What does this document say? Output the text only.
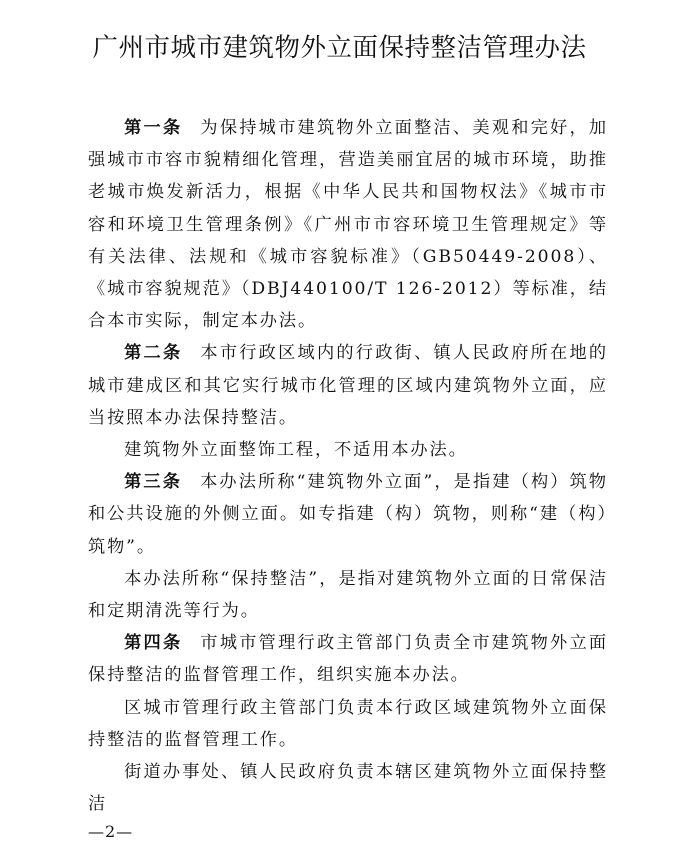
广州市城市建筑物外立面保持整洁管理办法

第一条 为保持城市建筑物外立面整洁、美观和完好，加强城市市容市貌精细化管理，营造美丽宜居的城市环境，助推老城市焕发新活力，根据《中华人民共和国物权法》《城市市容和环境卫生管理条例》《广州市市容环境卫生管理规定》等有关法律、法规和《城市容貌标准》（GB50449-2008）、《城市容貌规范》（DBJ440100/T 126-2012）等标准，结合本市实际，制定本办法。

第二条 本市行政区域内的行政街、镇人民政府所在地的城市建成区和其它实行城市化管理的区域内建筑物外立面，应当按照本办法保持整洁。

建筑物外立面整饰工程，不适用本办法。

第三条 本办法所称“建筑物外立面”，是指建（构）筑物和公共设施的外侧立面。如专指建（构）筑物，则称“建（构）筑物”。

本办法所称“保持整洁”，是指对建筑物外立面的日常保洁和定期清洗等行为。

第四条 市城市管理行政主管部门负责全市建筑物外立面保持整洁的监督管理工作，组织实施本办法。

区城市管理行政主管部门负责本行政区域建筑物外立面保持整洁的监督管理工作。

街道办事处、镇人民政府负责本辖区建筑物外立面保持整洁

—2—
